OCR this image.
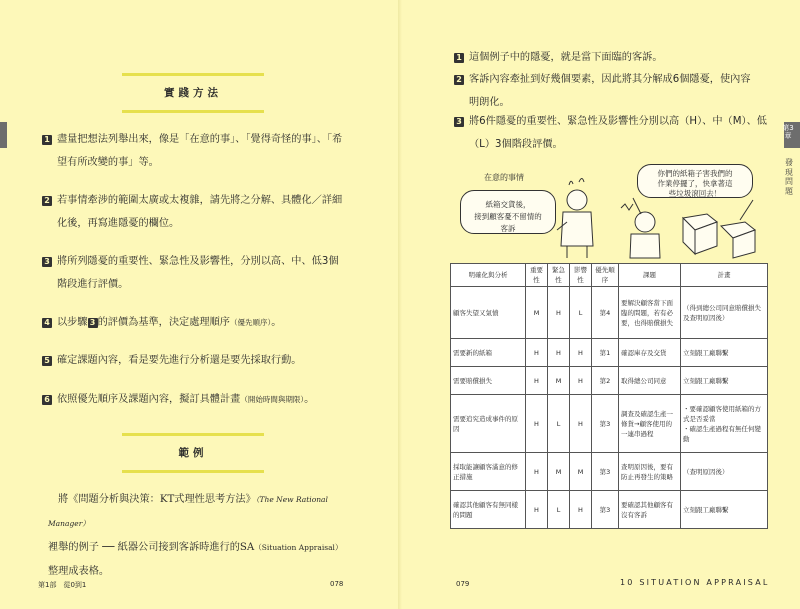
實踐方法
1 盡量把想法列舉出來，像是「在意的事」、「覺得奇怪的事」、「希
望有所改變的事」等。
2 若事情牽涉的範圍太廣或太複雜，請先將之分解、具體化／詳細
化後，再寫進隱憂的欄位。
3 將所列隱憂的重要性、緊急性及影響性，分別以高、中、低3個
階段進行評價。
4 以步驟 3 的評價為基準，決定處理順序（優先順序）。
5 確定課題內容，看是要先進行分析還是要先採取行動。
6 依照優先順序及課題內容，擬訂具體計畫（開始時間與期限）。
範例
將《問題分析與決策：KT式理性思考方法》（The New Rational Manager）
裡舉的例子 ── 紙器公司接到客訴時進行的SA（Situation Appraisal）
整理成表格。
第1部　從0到1	078
1 這個例子中的隱憂，就是當下面臨的客訴。
2 客訴內容牽扯到好幾個要素，因此將其分解成6個隱憂，使內容
明朗化。
3 將6件隱憂的重要性、緊急性及影響性分別以高（H）、中（M）、低
（L）3個階段評價。
第3章
發現問題
在意的事情
紙箱交貨後，
接到顧客憂不留情的
客訴
你們的紙箱子害我們的
作業停擺了，快拿著這
些垃圾滾回去！
明確化與分析	重要性	緊急性	影響性	優先順序	課題	計畫
顧客失望又氣憤	M	H	L	第4	要解決顧客當下面臨的問題，若有必要，也得賠償損失	（得到總公司同意賠償損失及查明原因後）
需要新的紙箱	H	H	H	第1	確認庫存及交貨	立刻跟工廠聯繫
需要賠償損失	H	M	H	第2	取得總公司同意	立刻跟工廠聯繫
需要追究造成事件的原因	H	L	H	第3	調查及確認生產一條貨→顧客使用的一連串過程	・要確認顧客使用紙箱的方式是否妥當
・確認生產過程有無任何變動
採取能讓顧客滿意的修正措施	H	M	M	第3	查明原因後，要有防止再發生的策略	（查明原因後）
確認其他顧客有無同樣的問題	H	L	H	第3	要確認其他顧客有沒有客訴	立刻跟工廠聯繫
079	10 SITUATION APPRAISAL
